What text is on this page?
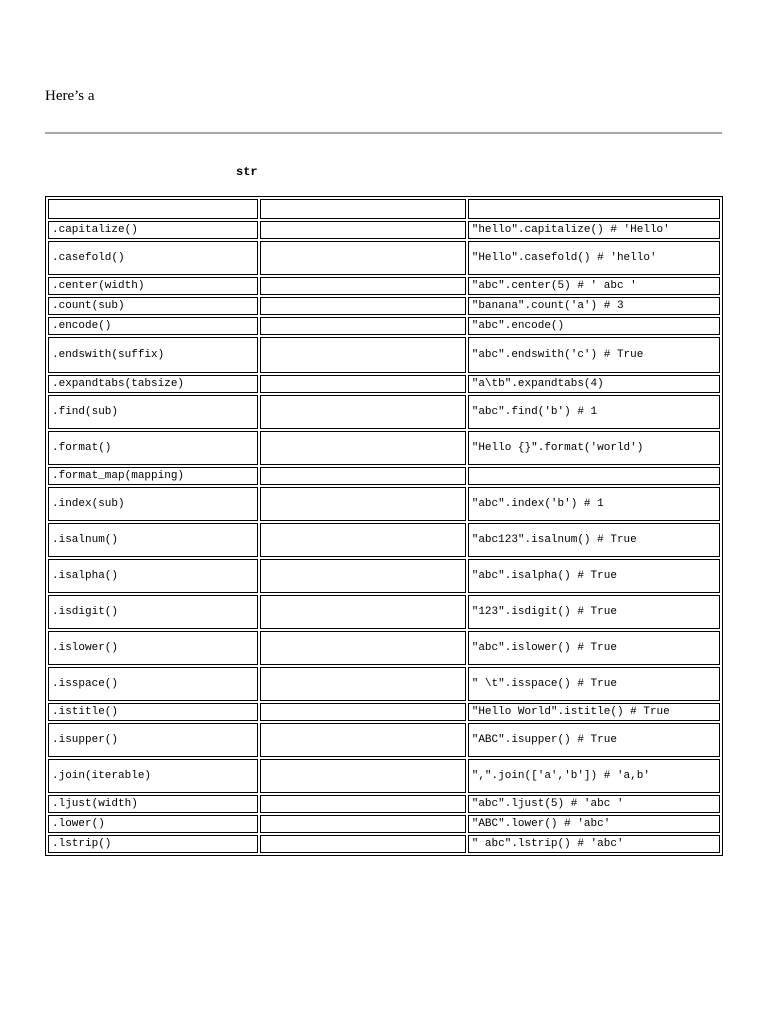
Here’s a

str

.capitalize()		"hello".capitalize() # 'Hello'
.casefold()		"Hello".casefold() # 'hello'
.center(width)		"abc".center(5) # ' abc '
.count(sub)		"banana".count('a') # 3
.encode()		"abc".encode()
.endswith(suffix)		"abc".endswith('c') # True
.expandtabs(tabsize)		"a\tb".expandtabs(4)
.find(sub)		"abc".find('b') # 1
.format()		"Hello {}".format('world')
.format_map(mapping)		
.index(sub)		"abc".index('b') # 1
.isalnum()		"abc123".isalnum() # True
.isalpha()		"abc".isalpha() # True
.isdigit()		"123".isdigit() # True
.islower()		"abc".islower() # True
.isspace()		" \t".isspace() # True
.istitle()		"Hello World".istitle() # True
.isupper()		"ABC".isupper() # True
.join(iterable)		",".join(['a','b']) # 'a,b'
.ljust(width)		"abc".ljust(5) # 'abc '
.lower()		"ABC".lower() # 'abc'
.lstrip()		" abc".lstrip() # 'abc'
